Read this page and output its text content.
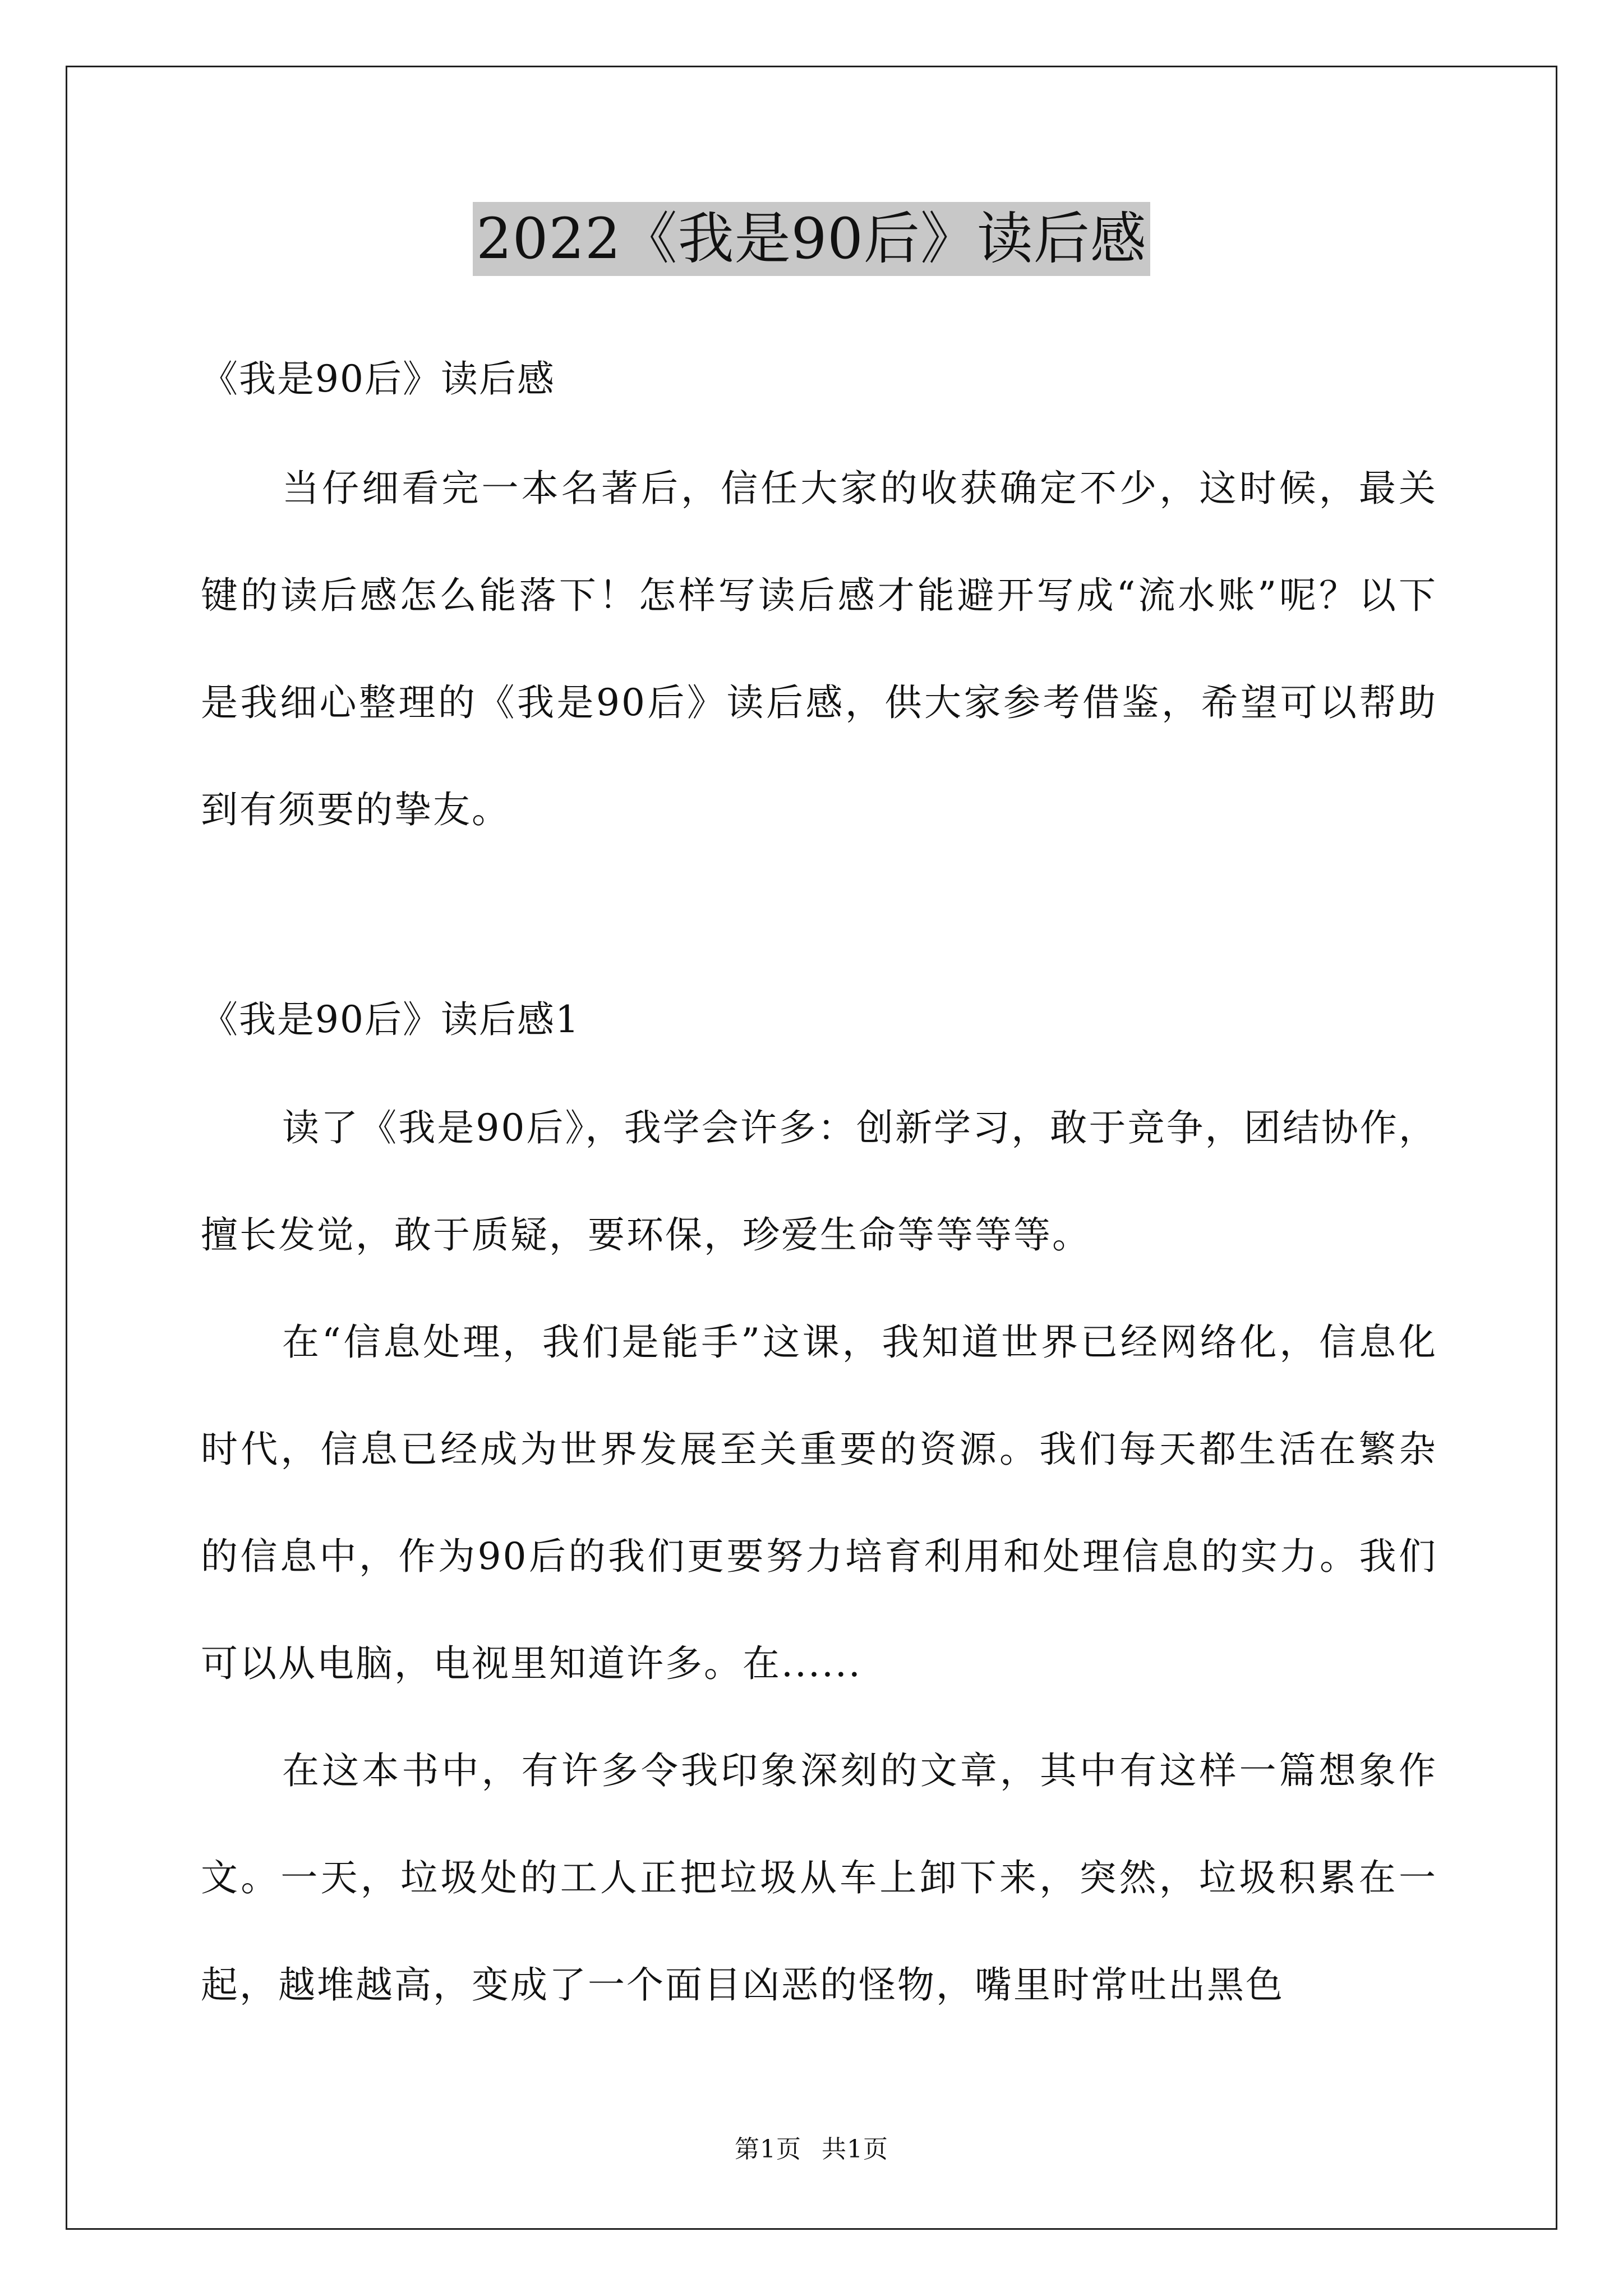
2022《我是90后》读后感
《我是90后》读后感

当仔细看完一本名著后，信任大家的收获确定不少，这时候，最关键的读后感怎么能落下！怎样写读后感才能避开写成“流水账”呢？以下是我细心整理的《我是90后》读后感，供大家参考借鉴，希望可以帮助到有须要的挚友。

《我是90后》读后感1

读了《我是90后》，我学会许多：创新学习，敢于竞争，团结协作，擅长发觉，敢于质疑，要环保，珍爱生命等等等等。

在“信息处理，我们是能手”这课，我知道世界已经网络化，信息化时代，信息已经成为世界发展至关重要的资源。我们每天都生活在繁杂的信息中，作为90后的我们更要努力培育利用和处理信息的实力。我们可以从电脑，电视里知道许多。在......

在这本书中，有许多令我印象深刻的文章，其中有这样一篇想象作文。一天，垃圾处的工人正把垃圾从车上卸下来，突然，垃圾积累在一起，越堆越高，变成了一个面目凶恶的怪物，嘴里时常吐出黑色

第1页 共1页
